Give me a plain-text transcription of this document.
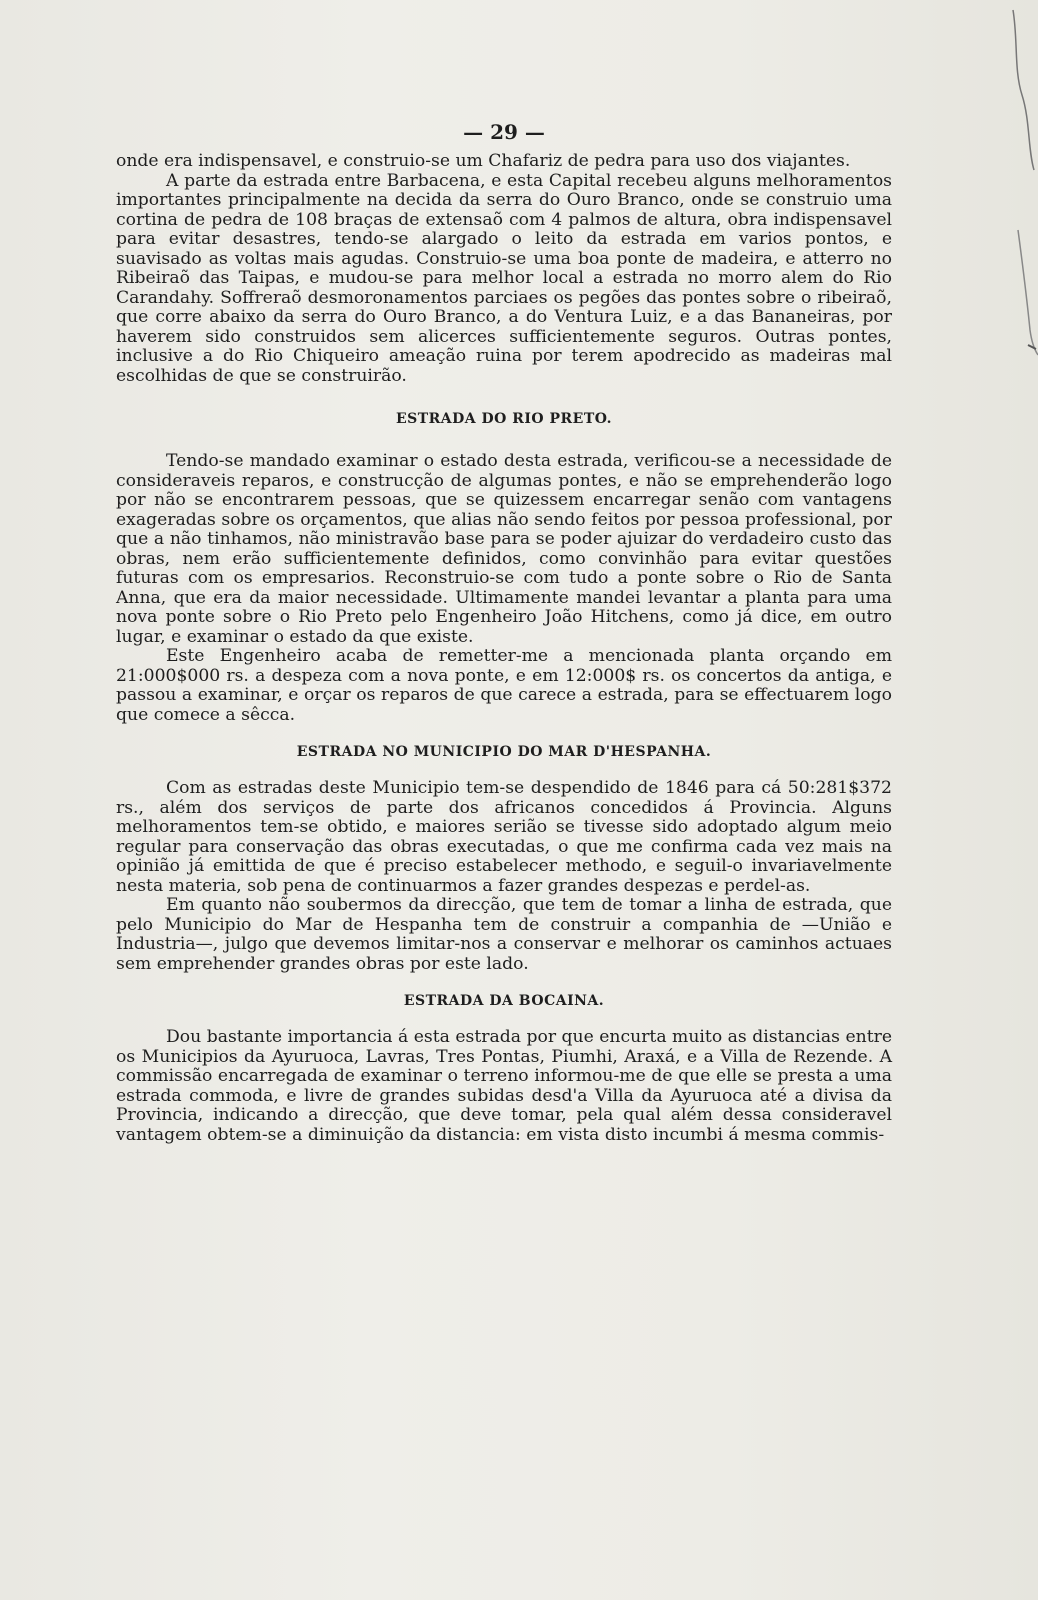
— 29 —

onde era indispensavel, e construio-se um Chafariz de pedra para uso dos viajantes.

A parte da estrada entre Barbacena, e esta Capital recebeu alguns melhoramentos importantes principalmente na decida da serra do Ouro Branco, onde se construio uma cortina de pedra de 108 braças de extensaõ com 4 palmos de altura, obra indispensavel para evitar desastres, tendo-se alargado o leito da estrada em varios pontos, e suavisado as voltas mais agudas. Construio-se uma boa ponte de madeira, e atterro no Ribeiraõ das Taipas, e mudou-se para melhor local a estrada no morro alem do Rio Carandahy. Soffreraõ desmoronamentos parciaes os pegões das pontes sobre o ribeiraõ, que corre abaixo da serra do Ouro Branco, a do Ventura Luiz, e a das Bananeiras, por haverem sido construidos sem alicerces sufficientemente seguros. Outras pontes, inclusive a do Rio Chiqueiro ameação ruina por terem apodrecido as madeiras mal escolhidas de que se construirão.

ESTRADA DO RIO PRETO.

Tendo-se mandado examinar o estado desta estrada, verificou-se a necessidade de consideraveis reparos, e construcção de algumas pontes, e não se emprehenderão logo por não se encontrarem pessoas, que se quizessem encarregar senão com vantagens exageradas sobre os orçamentos, que alias não sendo feitos por pessoa professional, por que a não tinhamos, não ministravão base para se poder ajuizar do verdadeiro custo das obras, nem erão sufficientemente definidos, como convinhão para evitar questões futuras com os empresarios. Reconstruio-se com tudo a ponte sobre o Rio de Santa Anna, que era da maior necessidade. Ultimamente mandei levantar a planta para uma nova ponte sobre o Rio Preto pelo Engenheiro João Hitchens, como já dice, em outro lugar, e examinar o estado da que existe.

Este Engenheiro acaba de remetter-me a mencionada planta orçando em 21:000$000 rs. a despeza com a nova ponte, e em 12:000$ rs. os concertos da antiga, e passou a examinar, e orçar os reparos de que carece a estrada, para se effectuarem logo que comece a sêcca.

ESTRADA NO MUNICIPIO DO MAR D'HESPANHA.

Com as estradas deste Municipio tem-se despendido de 1846 para cá 50:281$372 rs., além dos serviços de parte dos africanos concedidos á Provincia. Alguns melhoramentos tem-se obtido, e maiores serião se tivesse sido adoptado algum meio regular para conservação das obras executadas, o que me confirma cada vez mais na opinião já emittida de que é preciso estabelecer methodo, e seguil-o invariavelmente nesta materia, sob pena de continuarmos a fazer grandes despezas e perdel-as.

Em quanto não soubermos da direcção, que tem de tomar a linha de estrada, que pelo Municipio do Mar de Hespanha tem de construir a companhia de —União e Industria—, julgo que devemos limitar-nos a conservar e melhorar os caminhos actuaes sem emprehender grandes obras por este lado.

ESTRADA DA BOCAINA.

Dou bastante importancia á esta estrada por que encurta muito as distancias entre os Municipios da Ayuruoca, Lavras, Tres Pontas, Piumhi, Araxá, e a Villa de Rezende. A commissão encarregada de examinar o terreno informou-me de que elle se presta a uma estrada commoda, e livre de grandes subidas desd'a Villa da Ayuruoca até a divisa da Provincia, indicando a direcção, que deve tomar, pela qual além dessa consideravel vantagem obtem-se a diminuição da distancia: em vista disto incumbi á mesma commis-
